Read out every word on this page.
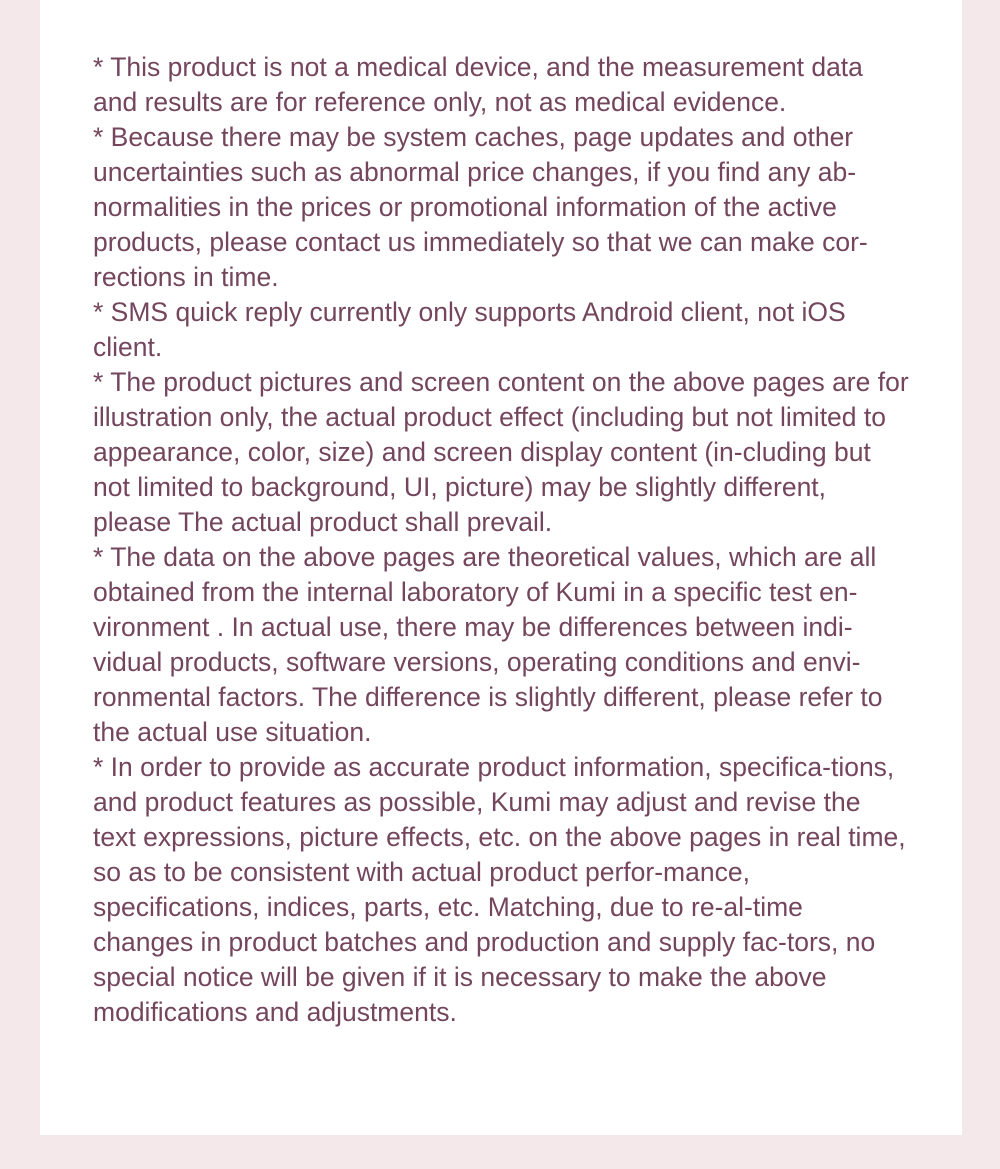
* This product is not a medical device, and the measurement data and results are for reference only, not as medical evidence.

* Because there may be system caches, page updates and other uncertainties such as abnormal price changes, if you find any ab-normalities in the prices or promotional information of the active products, please contact us immediately so that we can make cor-rections in time.

* SMS quick reply currently only supports Android client, not iOS client.

* The product pictures and screen content on the above pages are for illustration only, the actual product effect (including but not limited to appearance, color, size) and screen display content (in-cluding but not limited to background, UI, picture) may be slightly different, please The actual product shall prevail.

* The data on the above pages are theoretical values, which are all obtained from the internal laboratory of Kumi in a specific test en-vironment . In actual use, there may be differences between indi-vidual products, software versions, operating conditions and envi-ronmental factors. The difference is slightly different, please refer to the actual use situation.

* In order to provide as accurate product information, specifica-tions, and product features as possible, Kumi may adjust and revise the text expressions, picture effects, etc. on the above pages in real time, so as to be consistent with actual product perfor-mance, specifications, indices, parts, etc. Matching, due to re-al-time changes in product batches and production and supply fac-tors, no special notice will be given if it is necessary to make the above modifications and adjustments.
